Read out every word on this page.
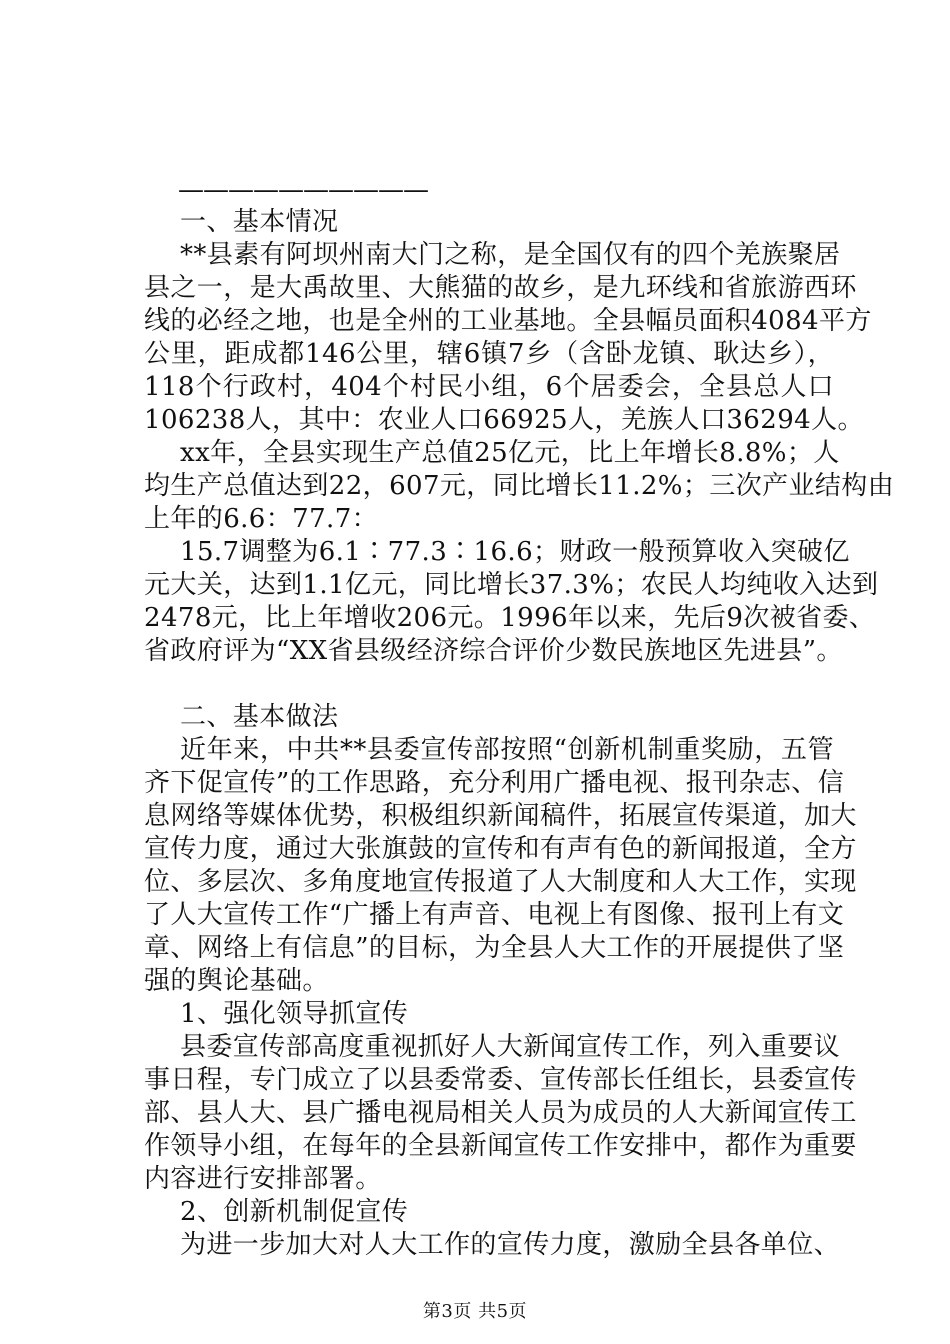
——————————
一、基本情况
**县素有阿坝州南大门之称，是全国仅有的四个羌族聚居
县之一，是大禹故里、大熊猫的故乡，是九环线和省旅游西环
线的必经之地，也是全州的工业基地。全县幅员面积4084平方
公里，距成都146公里，辖6镇7乡（含卧龙镇、耿达乡），
118个行政村，404个村民小组，6个居委会，全县总人口
106238人，其中：农业人口66925人，羌族人口36294人。
xx年，全县实现生产总值25亿元，比上年增长8.8%；人
均生产总值达到22，607元，同比增长11.2%；三次产业结构由
上年的6.6：77.7：
15.7调整为6.1∶77.3∶16.6；财政一般预算收入突破亿
元大关，达到1.1亿元，同比增长37.3%；农民人均纯收入达到
2478元，比上年增收206元。1996年以来，先后9次被省委、
省政府评为“XX省县级经济综合评价少数民族地区先进县”。
二、基本做法
近年来，中共**县委宣传部按照“创新机制重奖励，五管
齐下促宣传”的工作思路，充分利用广播电视、报刊杂志、信
息网络等媒体优势，积极组织新闻稿件，拓展宣传渠道，加大
宣传力度，通过大张旗鼓的宣传和有声有色的新闻报道，全方
位、多层次、多角度地宣传报道了人大制度和人大工作，实现
了人大宣传工作“广播上有声音、电视上有图像、报刊上有文
章、网络上有信息”的目标，为全县人大工作的开展提供了坚
强的舆论基础。
1、强化领导抓宣传
县委宣传部高度重视抓好人大新闻宣传工作，列入重要议
事日程，专门成立了以县委常委、宣传部长任组长，县委宣传
部、县人大、县广播电视局相关人员为成员的人大新闻宣传工
作领导小组，在每年的全县新闻宣传工作安排中，都作为重要
内容进行安排部署。
2、创新机制促宣传
为进一步加大对人大工作的宣传力度，激励全县各单位、
第3页 共5页
